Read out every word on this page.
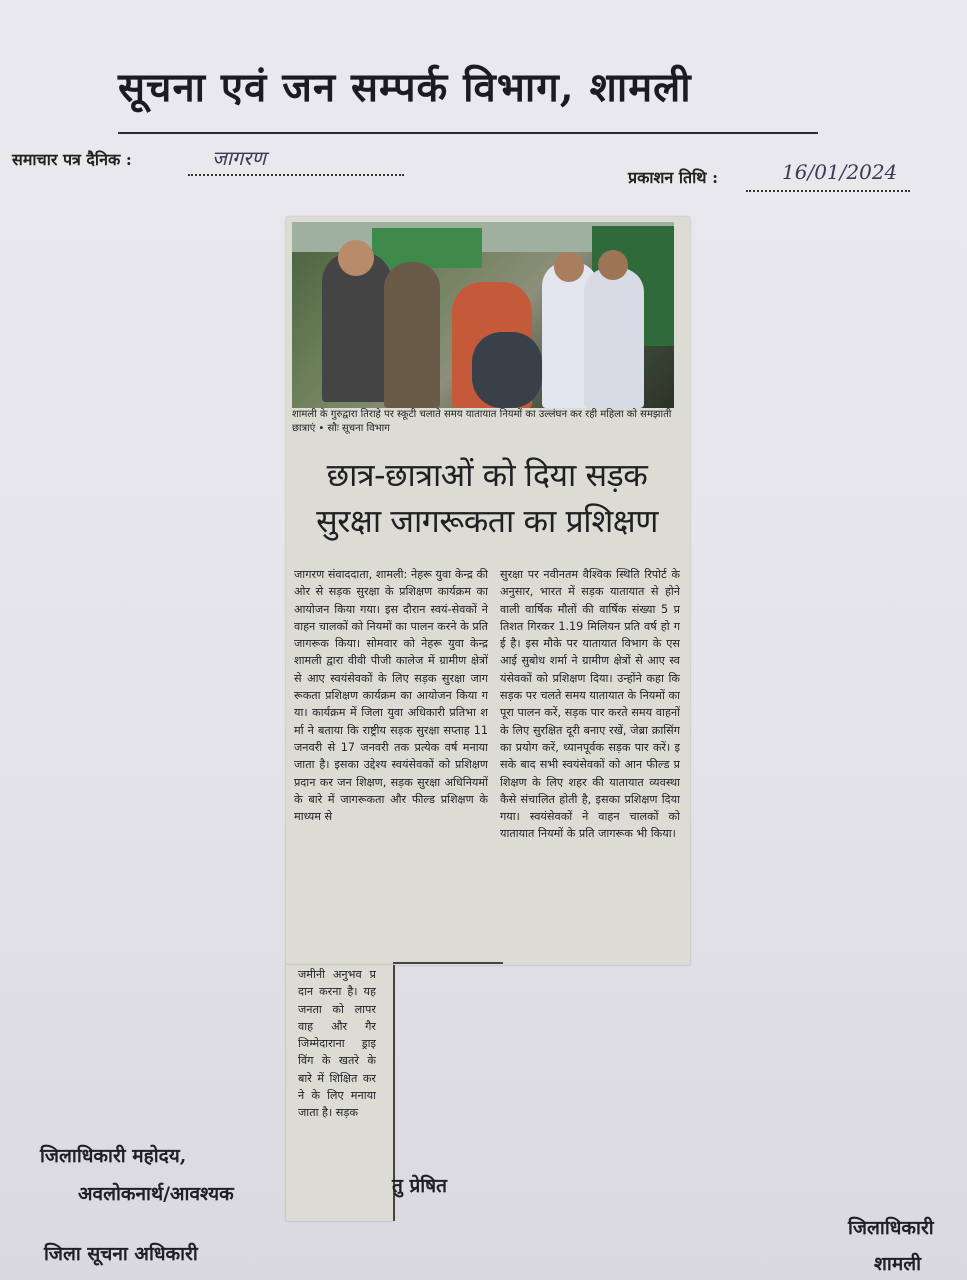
सूचना एवं जन सम्पर्क विभाग, शामली
समाचार पत्र दैनिक :	जागरण
प्रकाशन तिथि :	16/01/2024
शामली के गुरुद्वारा तिराहे पर स्कूटी चलाते समय यातायात नियमों का उल्लंघन कर रही महिला को समझाती छात्राएं • सौः सूचना विभाग
छात्र-छात्राओं को दिया सड़क
सुरक्षा जागरूकता का प्रशिक्षण
जागरण संवाददाता, शामली: नेहरू युवा केन्द्र की ओर से सड़क सुरक्षा के प्रशिक्षण कार्यक्रम का आयोजन किया गया। इस दौरान स्वयं-सेवकों ने वाहन चालकों को नियमों का पालन करने के प्रति जागरूक किया। सोमवार को नेहरू युवा केन्द्र शामली द्वारा वीवी पीजी कालेज में ग्रामीण क्षेत्रों से आए स्वयंसेवकों के लिए सड़क सुरक्षा जागरूकता प्रशिक्षण कार्यक्रम का आयोजन किया गया। कार्यक्रम में जिला युवा अधिकारी प्रतिभा शर्मा ने बताया कि राष्ट्रीय सड़क सुरक्षा सप्ताह 11 जनवरी से 17 जनवरी तक प्रत्येक वर्ष मनाया जाता है। इसका उद्देश्य स्वयंसेवकों को प्रशिक्षण प्रदान कर जन शिक्षण, सड़क सुरक्षा अधिनियमों के बारे में जागरूकता और फील्ड प्रशिक्षण के माध्यम से
जमीनी अनुभव प्रदान करना है। यह जनता को लापरवाह और गैर जिम्मेदाराना ड्राइविंग के खतरे के बारे में शिक्षित करने के लिए मनाया जाता है। सड़क
सुरक्षा पर नवीनतम वैश्विक स्थिति रिपोर्ट के अनुसार, भारत में सड़क यातायात से होने वाली वार्षिक मौतों की वार्षिक संख्या 5 प्रतिशत गिरकर 1.19 मिलियन प्रति वर्ष हो गई है। इस मौके पर यातायात विभाग के एसआई सुबोध शर्मा ने ग्रामीण क्षेत्रों से आए स्वयंसेवकों को प्रशिक्षण दिया। उन्होंने कहा कि सड़क पर चलते समय यातायात के नियमों का पूरा पालन करें, सड़क पार करते समय वाहनों के लिए सुरक्षित दूरी बनाए रखें, जेब्रा क्रासिंग का प्रयोग करें, ध्यानपूर्वक सड़क पार करें। इसके बाद सभी स्वयंसेवकों को आन फील्ड प्रशिक्षण के लिए शहर की यातायात व्यवस्था कैसे संचालित होती है, इसका प्रशिक्षण दिया गया। स्वयंसेवकों ने वाहन चालकों को यातायात नियमों के प्रति जागरूक भी किया।
जिलाधिकारी महोदय,
अवलोकनार्थ/आवश्यक	तु प्रेषित
जिला सूचना अधिकारी
जिलाधिकारी
शामली
